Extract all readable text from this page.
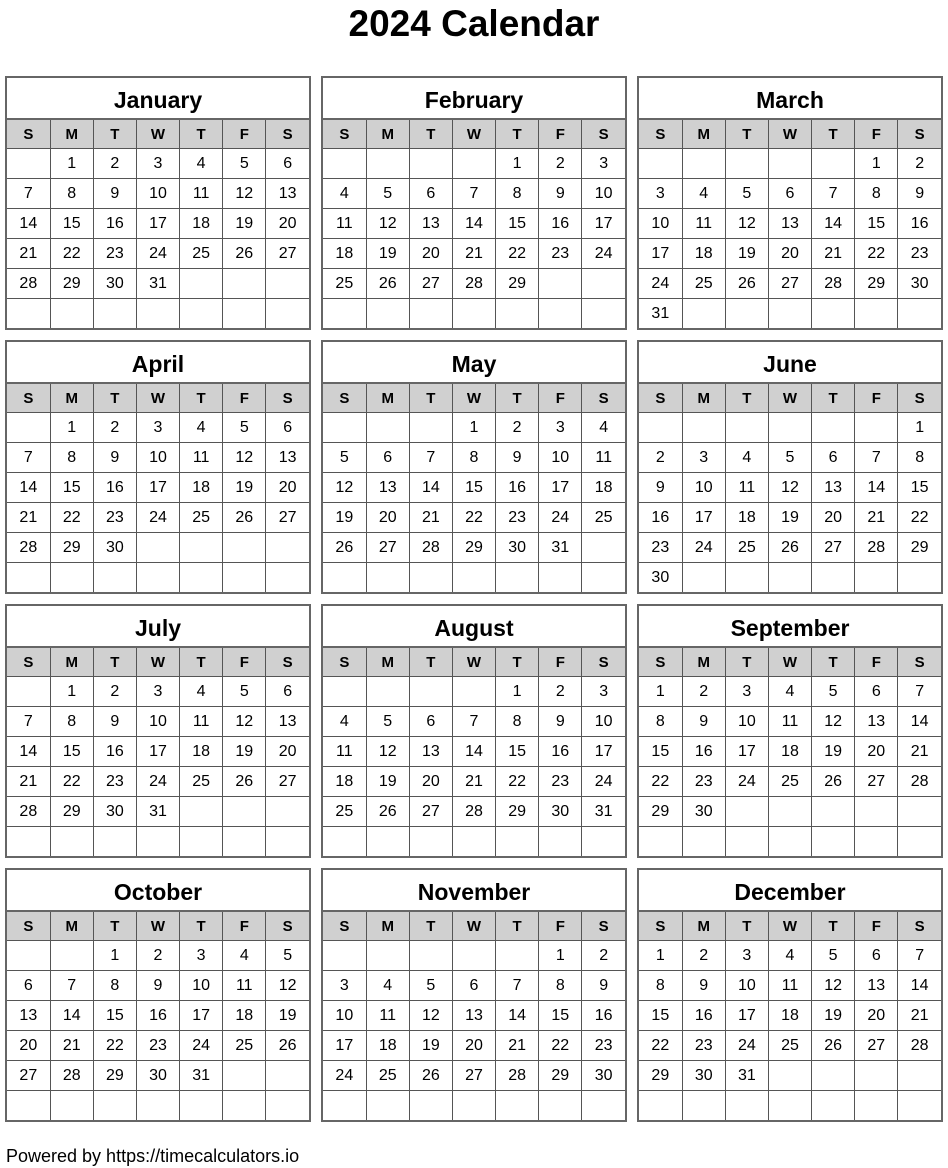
2024 Calendar
January
S	M	T	W	T	F	S
	1	2	3	4	5	6
7	8	9	10	11	12	13
14	15	16	17	18	19	20
21	22	23	24	25	26	27
28	29	30	31			

February
S	M	T	W	T	F	S
				1	2	3
4	5	6	7	8	9	10
11	12	13	14	15	16	17
18	19	20	21	22	23	24
25	26	27	28	29		

March
S	M	T	W	T	F	S
					1	2
3	4	5	6	7	8	9
10	11	12	13	14	15	16
17	18	19	20	21	22	23
24	25	26	27	28	29	30
31						
April
S	M	T	W	T	F	S
	1	2	3	4	5	6
7	8	9	10	11	12	13
14	15	16	17	18	19	20
21	22	23	24	25	26	27
28	29	30				

May
S	M	T	W	T	F	S
			1	2	3	4
5	6	7	8	9	10	11
12	13	14	15	16	17	18
19	20	21	22	23	24	25
26	27	28	29	30	31	

June
S	M	T	W	T	F	S
						1
2	3	4	5	6	7	8
9	10	11	12	13	14	15
16	17	18	19	20	21	22
23	24	25	26	27	28	29
30						
July
S	M	T	W	T	F	S
	1	2	3	4	5	6
7	8	9	10	11	12	13
14	15	16	17	18	19	20
21	22	23	24	25	26	27
28	29	30	31			

August
S	M	T	W	T	F	S
				1	2	3
4	5	6	7	8	9	10
11	12	13	14	15	16	17
18	19	20	21	22	23	24
25	26	27	28	29	30	31

September
S	M	T	W	T	F	S
1	2	3	4	5	6	7
8	9	10	11	12	13	14
15	16	17	18	19	20	21
22	23	24	25	26	27	28
29	30					

October
S	M	T	W	T	F	S
		1	2	3	4	5
6	7	8	9	10	11	12
13	14	15	16	17	18	19
20	21	22	23	24	25	26
27	28	29	30	31		

November
S	M	T	W	T	F	S
					1	2
3	4	5	6	7	8	9
10	11	12	13	14	15	16
17	18	19	20	21	22	23
24	25	26	27	28	29	30

December
S	M	T	W	T	F	S
1	2	3	4	5	6	7
8	9	10	11	12	13	14
15	16	17	18	19	20	21
22	23	24	25	26	27	28
29	30	31				

Powered by https://timecalculators.io
